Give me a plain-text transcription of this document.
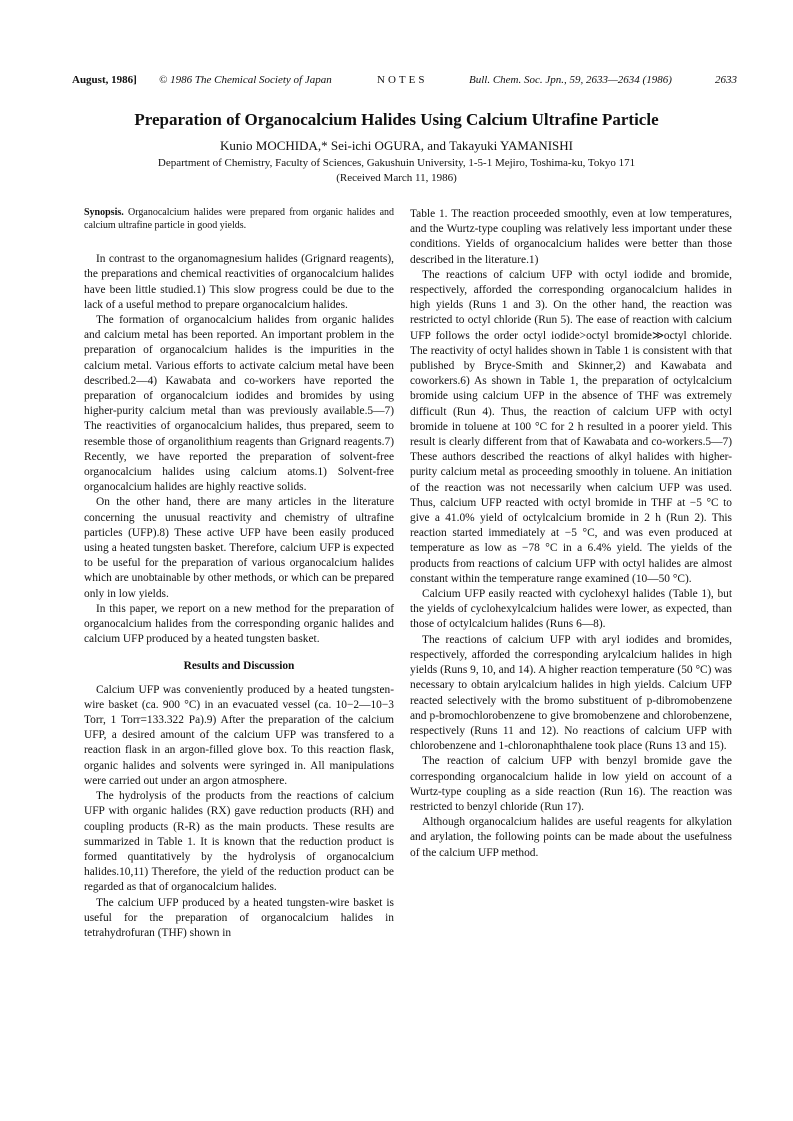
August, 1986] © 1986 The Chemical Society of Japan	NOTES	Bull. Chem. Soc. Jpn., 59, 2633—2634 (1986)	2633
Preparation of Organocalcium Halides Using Calcium Ultrafine Particle
Kunio MOCHIDA,* Sei-ichi OGURA, and Takayuki YAMANISHI
Department of Chemistry, Faculty of Sciences, Gakushuin University, 1-5-1 Mejiro, Toshima-ku, Tokyo 171
(Received March 11, 1986)

Synopsis. Organocalcium halides were prepared from organic halides and calcium ultrafine particle in good yields.

In contrast to the organomagnesium halides (Grignard reagents), the preparations and chemical reactivities of organocalcium halides have been little studied.1) This slow progress could be due to the lack of a useful method to prepare organocalcium halides.

The formation of organocalcium halides from organic halides and calcium metal has been reported. An important problem in the preparation of organocalcium halides is the impurities in the calcium metal. Various efforts to activate calcium metal have been described.2—4) Kawabata and co-workers have reported the preparation of organocalcium iodides and bromides by using higher-purity calcium metal than was previously available.5—7) The reactivities of organocalcium halides, thus prepared, seem to resemble those of organolithium reagents than Grignard reagents.7) Recently, we have reported the preparation of solvent-free organocalcium halides using calcium atoms.1) Solvent-free organocalcium halides are highly reactive solids.

On the other hand, there are many articles in the literature concerning the unusual reactivity and chemistry of ultrafine particles (UFP).8) These active UFP have been easily produced using a heated tungsten basket. Therefore, calcium UFP is expected to be useful for the preparation of various organocalcium halides which are unobtainable by other methods, or which can be prepared only in low yields.

In this paper, we report on a new method for the preparation of organocalcium halides from the corresponding organic halides and calcium UFP produced by a heated tungsten basket.

Results and Discussion

Calcium UFP was conveniently produced by a heated tungsten-wire basket (ca. 900 °C) in an evacuated vessel (ca. 10−2—10−3 Torr, 1 Torr=133.322 Pa).9) After the preparation of the calcium UFP, a desired amount of the calcium UFP was transfered to a reaction flask in an argon-filled glove box. To this reaction flask, organic halides and solvents were syringed in. All manipulations were carried out under an argon atmosphere.

The hydrolysis of the products from the reactions of calcium UFP with organic halides (RX) gave reduction products (RH) and coupling products (R-R) as the main products. These results are summarized in Table 1. It is known that the reduction product is formed quantitatively by the hydrolysis of organocalcium halides.10,11) Therefore, the yield of the reduction product can be regarded as that of organocalcium halides.

The calcium UFP produced by a heated tungsten-wire basket is useful for the preparation of organocalcium halides in tetrahydrofuran (THF) shown in

Table 1. The reaction proceeded smoothly, even at low temperatures, and the Wurtz-type coupling was relatively less important under these conditions. Yields of organocalcium halides were better than those described in the literature.1)

The reactions of calcium UFP with octyl iodide and bromide, respectively, afforded the corresponding organocalcium halides in high yields (Runs 1 and 3). On the other hand, the reaction was restricted to octyl chloride (Run 5). The ease of reaction with calcium UFP follows the order octyl iodide>octyl bromide≫octyl chloride. The reactivity of octyl halides shown in Table 1 is consistent with that published by Bryce-Smith and Skinner,2) and Kawabata and coworkers.6) As shown in Table 1, the preparation of octylcalcium bromide using calcium UFP in the absence of THF was extremely difficult (Run 4). Thus, the reaction of calcium UFP with octyl bromide in toluene at 100 °C for 2 h resulted in a poorer yield. This result is clearly different from that of Kawabata and co-workers.5—7) These authors described the reactions of alkyl halides with higher-purity calcium metal as proceeding smoothly in toluene. An initiation of the reaction was not necessarily when calcium UFP was used. Thus, calcium UFP reacted with octyl bromide in THF at −5 °C to give a 41.0% yield of octylcalcium bromide in 2 h (Run 2). This reaction started immediately at −5 °C, and was even produced at temperature as low as −78 °C in a 6.4% yield. The yields of the products from reactions of calcium UFP with octyl halides are almost constant within the temperature range examined (10—50 °C).

Calcium UFP easily reacted with cyclohexyl halides (Table 1), but the yields of cyclohexylcalcium halides were lower, as expected, than those of octylcalcium halides (Runs 6—8).

The reactions of calcium UFP with aryl iodides and bromides, respectively, afforded the corresponding arylcalcium halides in high yields (Runs 9, 10, and 14). A higher reaction temperature (50 °C) was necessary to obtain arylcalcium halides in high yields. Calcium UFP reacted selectively with the bromo substituent of p-dibromobenzene and p-bromochlorobenzene to give bromobenzene and chlorobenzene, respectively (Runs 11 and 12). No reactions of calcium UFP with chlorobenzene and 1-chloronaphthalene took place (Runs 13 and 15).

The reaction of calcium UFP with benzyl bromide gave the corresponding organocalcium halide in low yield on account of a Wurtz-type coupling as a side reaction (Run 16). The reaction was restricted to benzyl chloride (Run 17).

Although organocalcium halides are useful reagents for alkylation and arylation, the following points can be made about the usefulness of the calcium UFP method.
